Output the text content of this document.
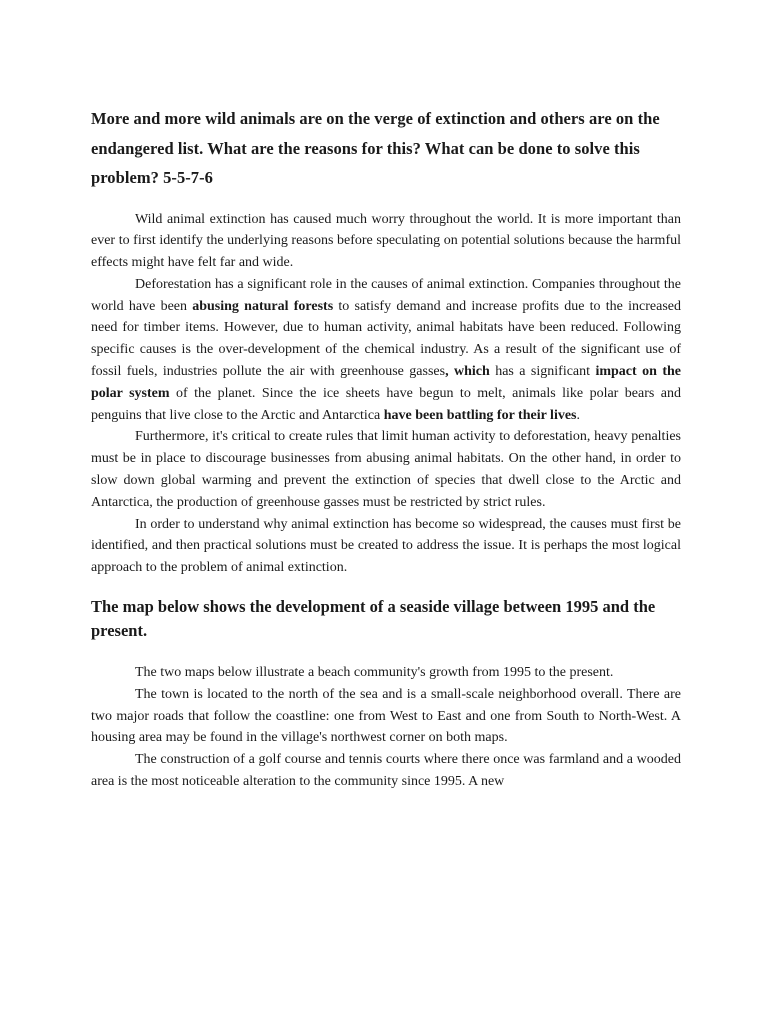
More and more wild animals are on the verge of extinction and others are on the endangered list. What are the reasons for this? What can be done to solve this problem? 5-5-7-6

Wild animal extinction has caused much worry throughout the world. It is more important than ever to first identify the underlying reasons before speculating on potential solutions because the harmful effects might have felt far and wide.

Deforestation has a significant role in the causes of animal extinction. Companies throughout the world have been abusing natural forests to satisfy demand and increase profits due to the increased need for timber items. However, due to human activity, animal habitats have been reduced. Following specific causes is the over-development of the chemical industry. As a result of the significant use of fossil fuels, industries pollute the air with greenhouse gasses, which has a significant impact on the polar system of the planet. Since the ice sheets have begun to melt, animals like polar bears and penguins that live close to the Arctic and Antarctica have been battling for their lives.

Furthermore, it's critical to create rules that limit human activity to deforestation, heavy penalties must be in place to discourage businesses from abusing animal habitats. On the other hand, in order to slow down global warming and prevent the extinction of species that dwell close to the Arctic and Antarctica, the production of greenhouse gasses must be restricted by strict rules.

In order to understand why animal extinction has become so widespread, the causes must first be identified, and then practical solutions must be created to address the issue. It is perhaps the most logical approach to the problem of animal extinction.

The map below shows the development of a seaside village between 1995 and the present.

The two maps below illustrate a beach community's growth from 1995 to the present.

The town is located to the north of the sea and is a small-scale neighborhood overall. There are two major roads that follow the coastline: one from West to East and one from South to North-West. A housing area may be found in the village's northwest corner on both maps.

The construction of a golf course and tennis courts where there once was farmland and a wooded area is the most noticeable alteration to the community since 1995. A new
